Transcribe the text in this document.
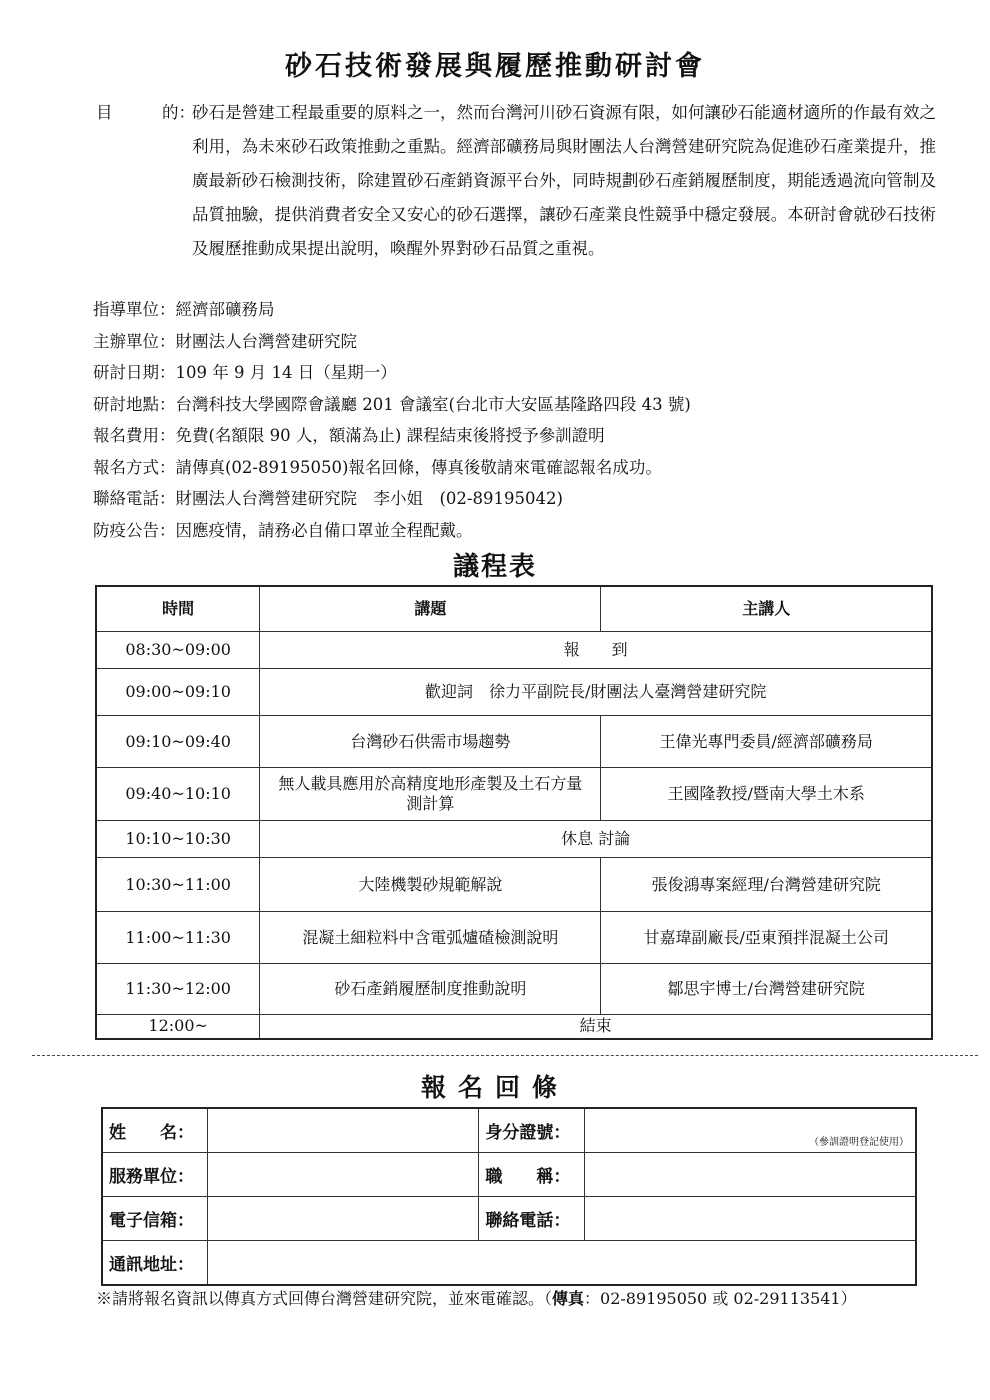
砂石技術發展與履歷推動研討會
目　　　的：
砂石是營建工程最重要的原料之一，然而台灣河川砂石資源有限，如何讓砂石能適材適所的作最有效之利用，為未來砂石政策推動之重點。經濟部礦務局與財團法人台灣營建研究院為促進砂石產業提升，推廣最新砂石檢測技術，除建置砂石產銷資源平台外，同時規劃砂石產銷履歷制度，期能透過流向管制及品質抽驗，提供消費者安全又安心的砂石選擇，讓砂石產業良性競爭中穩定發展。本研討會就砂石技術及履歷推動成果提出說明，喚醒外界對砂石品質之重視。
指導單位：經濟部礦務局
主辦單位：財團法人台灣營建研究院
研討日期：109 年 9 月 14 日（星期一）
研討地點：台灣科技大學國際會議廳 201 會議室(台北市大安區基隆路四段 43 號)
報名費用：免費(名額限 90 人，額滿為止) 課程結束後將授予參訓證明
報名方式：請傳真(02-89195050)報名回條，傳真後敬請來電確認報名成功。
聯絡電話：財團法人台灣營建研究院　李小姐　(02-89195042)
防疫公告：因應疫情，請務必自備口罩並全程配戴。
議程表
時間	講題	主講人
08:30~09:00	報　　到	
09:00~09:10	歡迎詞　徐力平副院長/財團法人臺灣營建研究院	
09:10~09:40	台灣砂石供需市場趨勢	王偉光專門委員/經濟部礦務局
09:40~10:10	無人載具應用於高精度地形產製及土石方量測計算	王國隆教授/暨南大學土木系
10:10~10:30	休息 討論	
10:30~11:00	大陸機製砂規範解說	張俊鴻專案經理/台灣營建研究院
11:00~11:30	混凝土細粒料中含電弧爐碴檢測說明	甘嘉瑋副廠長/亞東預拌混凝土公司
11:30~12:00	砂石產銷履歷制度推動說明	鄒思宇博士/台灣營建研究院
12:00~	結束	
報名回條
姓　　名：		身分證號：	（參訓證明登記使用）

服務單位：		職　　稱：	
電子信箱：		聯絡電話：	
通訊地址：			
※請將報名資訊以傳真方式回傳台灣營建研究院，並來電確認。（傳真：02-89195050 或 02-29113541）
